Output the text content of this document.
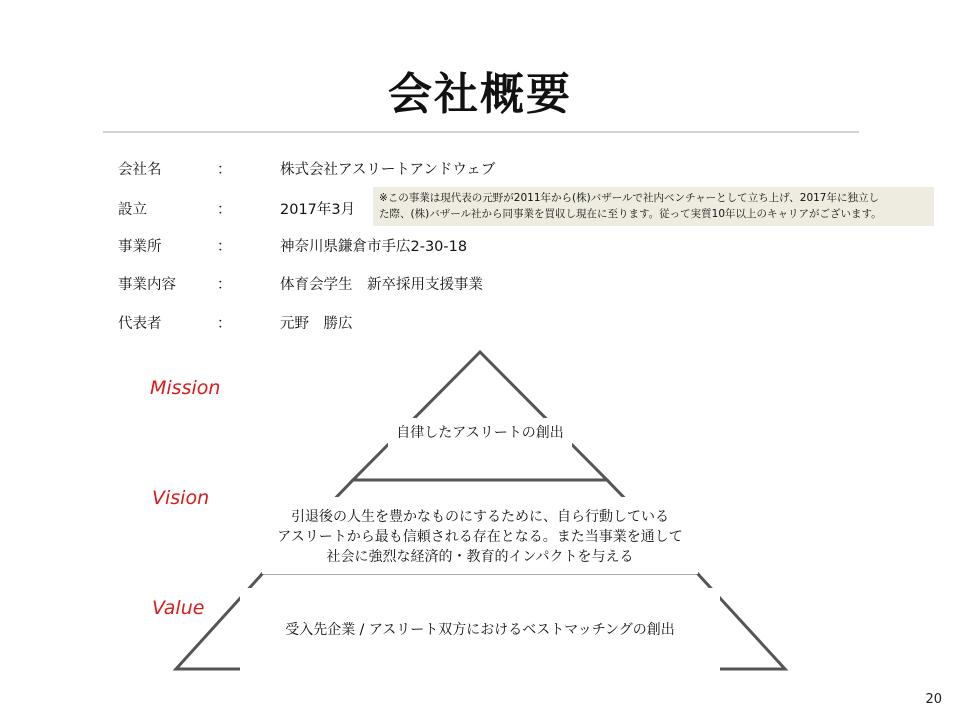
会社概要
会社名	：	株式会社アスリートアンドウェブ
設立	：	2017年3月
事業所	：	神奈川県鎌倉市手広2-30-18
事業内容	：	体育会学生　新卒採用支援事業
代表者	：	元野　勝広
※この事業は現代表の元野が2011年から(株)バザールで社内ベンチャーとして立ち上げ、2017年に独立し
た際、(株)バザール社から同事業を買収し現在に至ります。従って実質10年以上のキャリアがございます。
Mission
Vision
Value
自律したアスリートの創出
引退後の人生を豊かなものにするために、自ら行動している
アスリートから最も信頼される存在となる。また当事業を通して
社会に強烈な経済的・教育的インパクトを与える
受入先企業 / アスリート双方におけるベストマッチングの創出
20
